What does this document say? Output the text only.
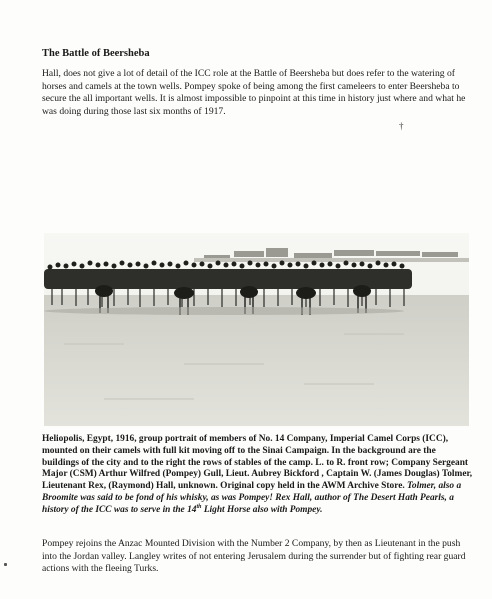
The Battle of Beersheba

Hall, does not give a lot of detail of the ICC role at the Battle of Beersheba but does refer to the watering of horses and camels at the town wells. Pompey spoke of being among the first cameleers to enter Beersheba to secure the all important wells. It is almost impossible to pinpoint at this time in history just where and what he was doing during those last six months of 1917.

†
Heliopolis, Egypt, 1916, group portrait of members of No. 14 Company, Imperial Camel Corps (ICC), mounted on their camels with full kit moving off to the Sinai Campaign. In the background are the buildings of the city and to the right the rows of stables of the camp. L. to R. front row; Company Sergeant Major (CSM) Arthur Wilfred (Pompey) Gull, Lieut. Aubrey Bickford , Captain W. (James Douglas) Tolmer, Lieutenant Rex, (Raymond) Hall, unknown. Original copy held in the AWM Archive Store. Tolmer, also a Broomite was said to be fond of his whisky, as was Pompey! Rex Hall, author of The Desert Hath Pearls, a history of the ICC was to serve in the 14th Light Horse also with Pompey.

Pompey rejoins the Anzac Mounted Division with the Number 2 Company, by then as Lieutenant in the push into the Jordan valley. Langley writes of not entering Jerusalem during the surrender but of fighting rear guard actions with the fleeing Turks.
